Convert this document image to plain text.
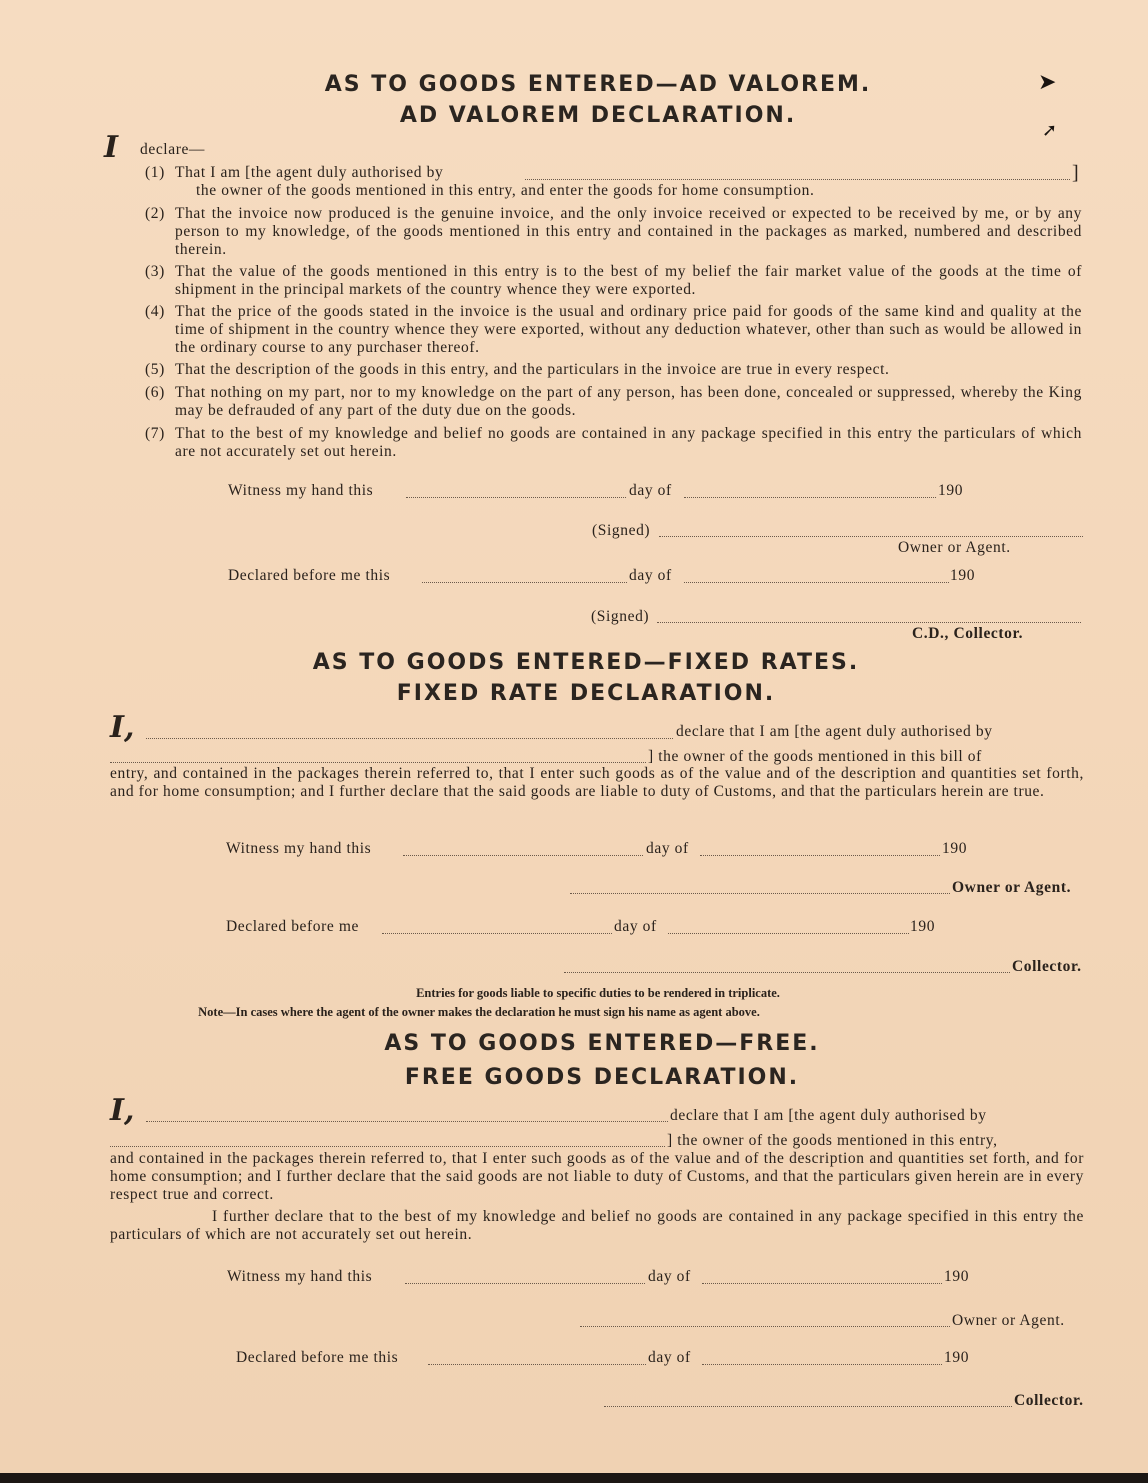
➤
➚
AS TO GOODS ENTERED—AD VALOREM.
AD VALOREM DECLARATION.
I declare—
(1) That I am [the agent duly authorised by	]
the owner of the goods mentioned in this entry, and enter the goods for home consumption.
(2) That the invoice now produced is the genuine invoice, and the only invoice received or expected to be received by me, or by any person to my knowledge, of the goods mentioned in this entry and contained in the packages as marked, numbered and described therein.
(3) That the value of the goods mentioned in this entry is to the best of my belief the fair market value of the goods at the time of shipment in the principal markets of the country whence they were exported.
(4) That the price of the goods stated in the invoice is the usual and ordinary price paid for goods of the same kind and quality at the time of shipment in the country whence they were exported, without any deduction whatever, other than such as would be allowed in the ordinary course to any purchaser thereof.
(5) That the description of the goods in this entry, and the particulars in the invoice are true in every respect.
(6) That nothing on my part, nor to my knowledge on the part of any person, has been done, concealed or suppressed, whereby the King may be defrauded of any part of the duty due on the goods.
(7) That to the best of my knowledge and belief no goods are contained in any package specified in this entry the particulars of which are not accurately set out herein.
Witness my hand this	day of	190
(Signed)
Owner or Agent.
Declared before me this	day of	190
(Signed)
C.D., Collector.
AS TO GOODS ENTERED—FIXED RATES.
FIXED RATE DECLARATION.
I,	declare that I am [the agent duly authorised by
] the owner of the goods mentioned in this bill of
entry, and contained in the packages therein referred to, that I enter such goods as of the value and of the description and quantities set forth, and for home consumption; and I further declare that the said goods are liable to duty of Customs, and that the particulars herein are true.
Witness my hand this	day of	190
Owner or Agent.
Declared before me	day of	190
Collector.
Entries for goods liable to specific duties to be rendered in triplicate.
Note—In cases where the agent of the owner makes the declaration he must sign his name as agent above.
AS TO GOODS ENTERED—FREE.
FREE GOODS DECLARATION.
I,	declare that I am [the agent duly authorised by
] the owner of the goods mentioned in this entry,
and contained in the packages therein referred to, that I enter such goods as of the value and of the description and quantities set forth, and for home consumption; and I further declare that the said goods are not liable to duty of Customs, and that the particulars given herein are in every respect true and correct.
I further declare that to the best of my knowledge and belief no goods are contained in any package specified in this entry the particulars of which are not accurately set out herein.
Witness my hand this	day of	190
Owner or Agent.
Declared before me this	day of	190
Collector.
